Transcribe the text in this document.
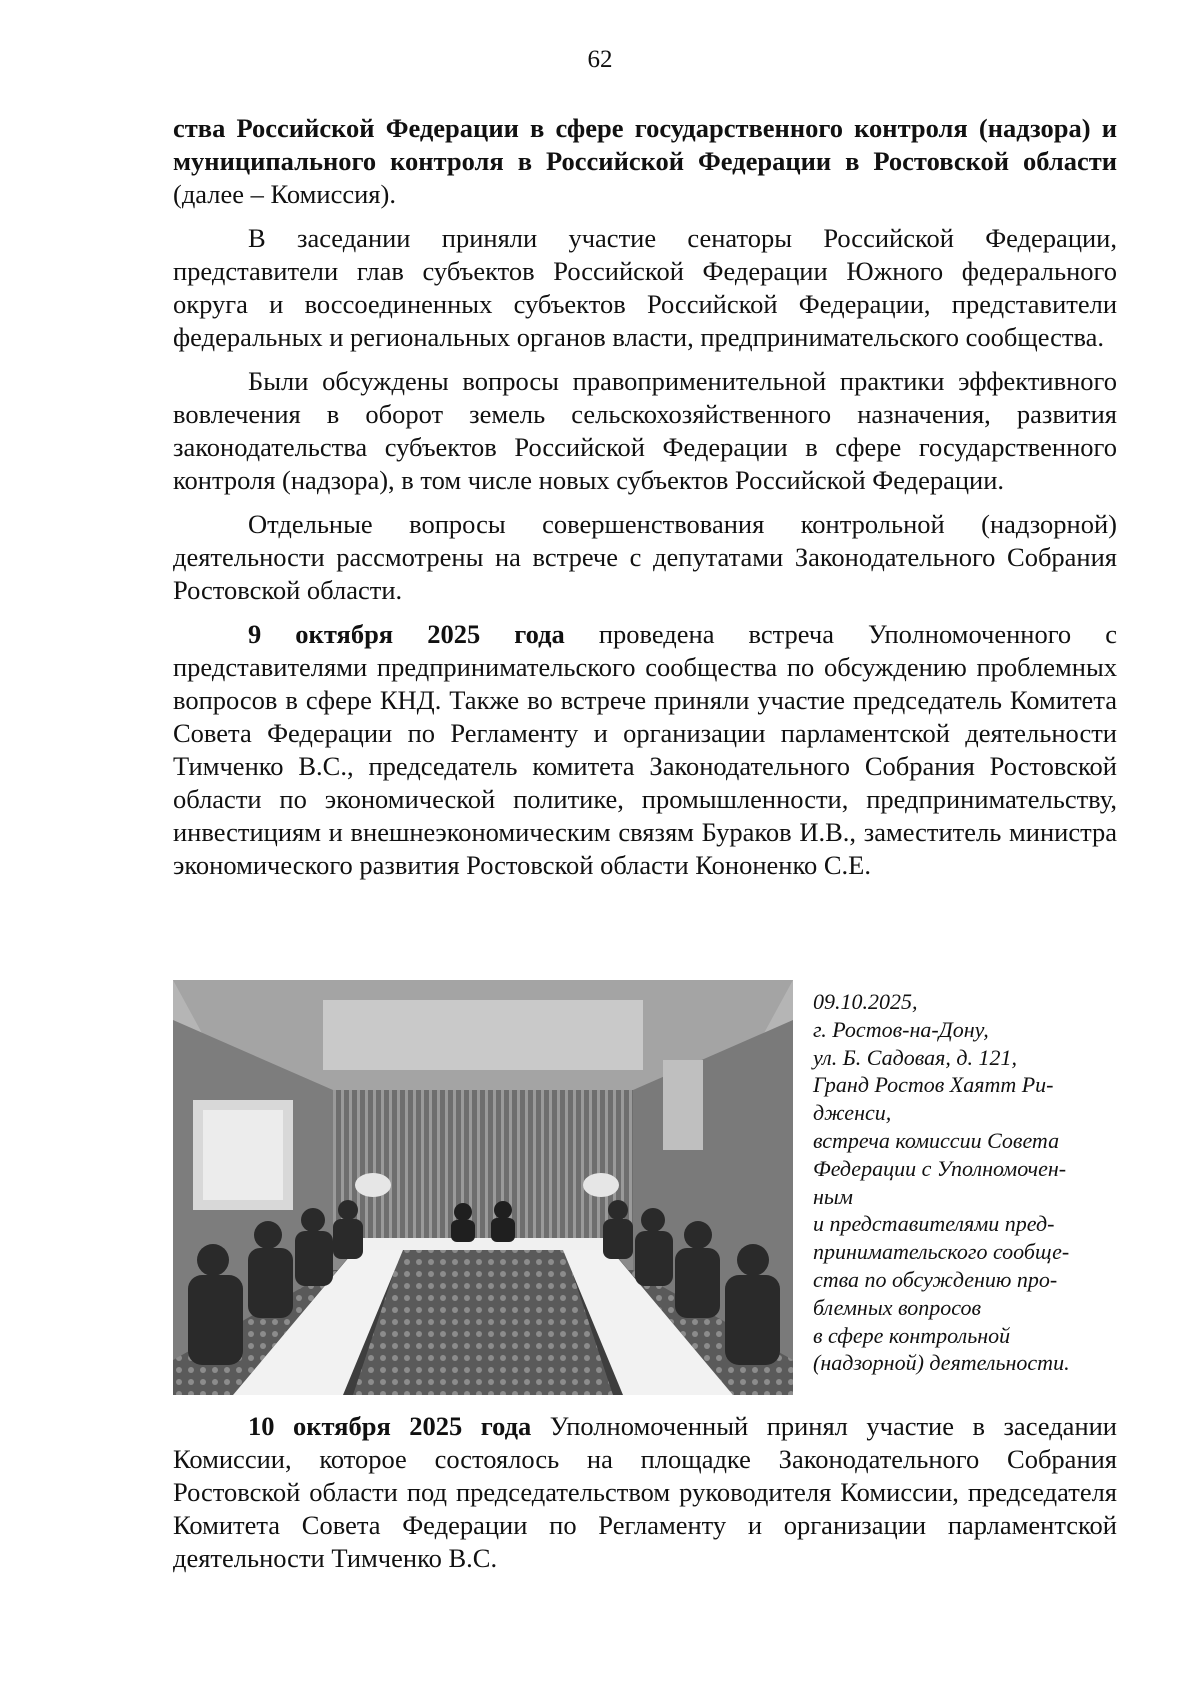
62

ства Российской Федерации в сфере государственного контроля (надзора) и муниципального контроля в Российской Федерации в Ростовской области (далее – Комиссия).

В заседании приняли участие сенаторы Российской Федерации, представители глав субъектов Российской Федерации Южного федерального округа и воссоединенных субъектов Российской Федерации, представители федеральных и региональных органов власти, предпринимательского сообщества.

Были обсуждены вопросы правоприменительной практики эффективного вовлечения в оборот земель сельскохозяйственного назначения, развития законодательства субъектов Российской Федерации в сфере государственного контроля (надзора), в том числе новых субъектов Российской Федерации.

Отдельные вопросы совершенствования контрольной (надзорной) деятельности рассмотрены на встрече с депутатами Законодательного Собрания Ростовской области.

9 октября 2025 года проведена встреча Уполномоченного с представителями предпринимательского сообщества по обсуждению проблемных вопросов в сфере КНД. Также во встрече приняли участие председатель Комитета Совета Федерации по Регламенту и организации парламентской деятельности Тимченко В.С., председатель комитета Законодательного Собрания Ростовской области по экономической политике, промышленности, предпринимательству, инвестициям и внешнеэкономическим связям Бураков И.В., заместитель министра экономического развития Ростовской области Кононенко С.Е.

09.10.2025,
г. Ростов-на-Дону,
ул. Б. Садовая, д. 121,
Гранд Ростов Хаятт Ри-
дженси,
встреча комиссии Совета
Федерации с Уполномочен-
ным
и представителями пред-
принимательского сообще-
ства по обсуждению про-
блемных вопросов
в сфере контрольной
(надзорной) деятельности.

10 октября 2025 года Уполномоченный принял участие в заседании Комиссии, которое состоялось на площадке Законодательного Собрания Ростовской области под председательством руководителя Комиссии, председателя Комитета Совета Федерации по Регламенту и организации парламентской деятельности Тимченко В.С.
